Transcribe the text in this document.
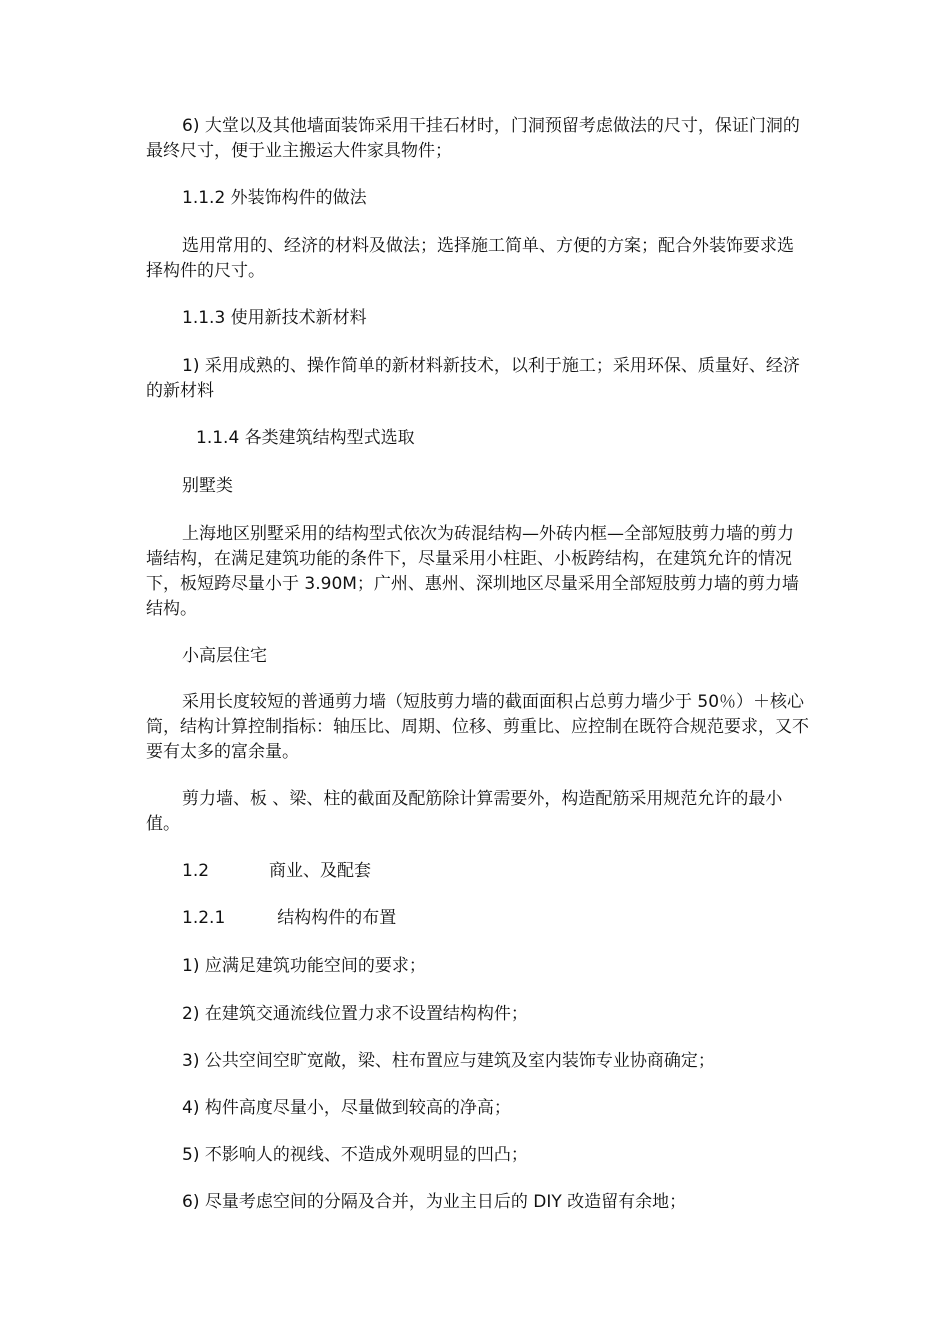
6) 大堂以及其他墙面装饰采用干挂石材时，门洞预留考虑做法的尺寸，保证门洞的最终尺寸，便于业主搬运大件家具物件；

1.1.2 外装饰构件的做法

选用常用的、经济的材料及做法；选择施工简单、方便的方案；配合外装饰要求选择构件的尺寸。

1.1.3 使用新技术新材料

1) 采用成熟的、操作简单的新材料新技术，以利于施工；采用环保、质量好、经济的新材料

1.1.4 各类建筑结构型式选取

别墅类

上海地区别墅采用的结构型式依次为砖混结构—外砖内框—全部短肢剪力墙的剪力墙结构，在满足建筑功能的条件下，尽量采用小柱距、小板跨结构，在建筑允许的情况下，板短跨尽量小于 3.90M；广州、惠州、深圳地区尽量采用全部短肢剪力墙的剪力墙结构。

小高层住宅

采用长度较短的普通剪力墙（短肢剪力墙的截面面积占总剪力墙少于 50％）＋核心筒，结构计算控制指标：轴压比、周期、位移、剪重比、应控制在既符合规范要求，又不要有太多的富余量。

剪力墙、板 、梁、柱的截面及配筋除计算需要外，构造配筋采用规范允许的最小值。

1.2	商业、及配套

1.2.1	结构构件的布置

1) 应满足建筑功能空间的要求；

2) 在建筑交通流线位置力求不设置结构构件；

3) 公共空间空旷宽敞，梁、柱布置应与建筑及室内装饰专业协商确定；

4) 构件高度尽量小，尽量做到较高的净高；

5) 不影响人的视线、不造成外观明显的凹凸；

6) 尽量考虑空间的分隔及合并，为业主日后的 DIY 改造留有余地；
